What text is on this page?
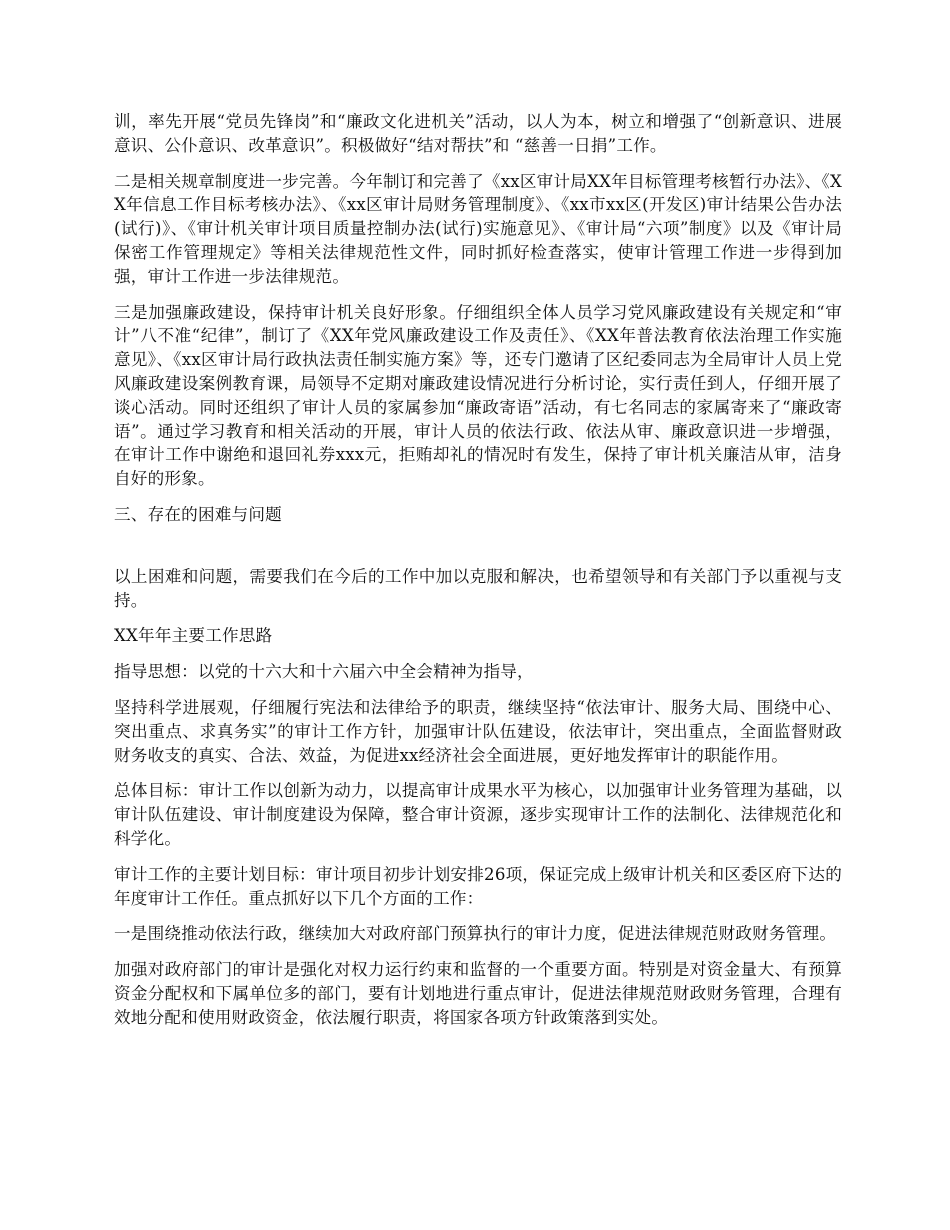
训，率先开展“党员先锋岗”和“廉政文化进机关”活动，以人为本，树立和增强了“创新意识、进展意识、公仆意识、改革意识”。积极做好“结对帮扶”和 “慈善一日捐”工作。

二是相关规章制度进一步完善。今年制订和完善了《xx区审计局XX年目标管理考核暂行办法》、《XX年信息工作目标考核办法》、《xx区审计局财务管理制度》、《xx市xx区(开发区)审计结果公告办法(试行)》、《审计机关审计项目质量控制办法(试行)实施意见》、《审计局“六项”制度》以及《审计局保密工作管理规定》等相关法律规范性文件，同时抓好检查落实，使审计管理工作进一步得到加强，审计工作进一步法律规范。

三是加强廉政建设，保持审计机关良好形象。仔细组织全体人员学习党风廉政建设有关规定和“审计”八不准“纪律”，制订了《XX年党风廉政建设工作及责任》、《XX年普法教育依法治理工作实施意见》、《xx区审计局行政执法责任制实施方案》等，还专门邀请了区纪委同志为全局审计人员上党风廉政建设案例教育课，局领导不定期对廉政建设情况进行分析讨论，实行责任到人，仔细开展了谈心活动。同时还组织了审计人员的家属参加“廉政寄语”活动，有七名同志的家属寄来了“廉政寄语”。通过学习教育和相关活动的开展，审计人员的依法行政、依法从审、廉政意识进一步增强，在审计工作中谢绝和退回礼券xxx元，拒贿却礼的情况时有发生，保持了审计机关廉洁从审，洁身自好的形象。

三、存在的困难与问题

以上困难和问题，需要我们在今后的工作中加以克服和解决，也希望领导和有关部门予以重视与支持。

XX年年主要工作思路

指导思想：以党的十六大和十六届六中全会精神为指导，

坚持科学进展观，仔细履行宪法和法律给予的职责，继续坚持“依法审计、服务大局、围绕中心、突出重点、求真务实”的审计工作方针，加强审计队伍建设，依法审计，突出重点，全面监督财政财务收支的真实、合法、效益，为促进xx经济社会全面进展，更好地发挥审计的职能作用。

总体目标：审计工作以创新为动力，以提高审计成果水平为核心，以加强审计业务管理为基础，以审计队伍建设、审计制度建设为保障，整合审计资源，逐步实现审计工作的法制化、法律规范化和科学化。

审计工作的主要计划目标：审计项目初步计划安排26项，保证完成上级审计机关和区委区府下达的年度审计工作任。重点抓好以下几个方面的工作：

一是围绕推动依法行政，继续加大对政府部门预算执行的审计力度，促进法律规范财政财务管理。

加强对政府部门的审计是强化对权力运行约束和监督的一个重要方面。特别是对资金量大、有预算资金分配权和下属单位多的部门，要有计划地进行重点审计，促进法律规范财政财务管理，合理有效地分配和使用财政资金，依法履行职责，将国家各项方针政策落到实处。
